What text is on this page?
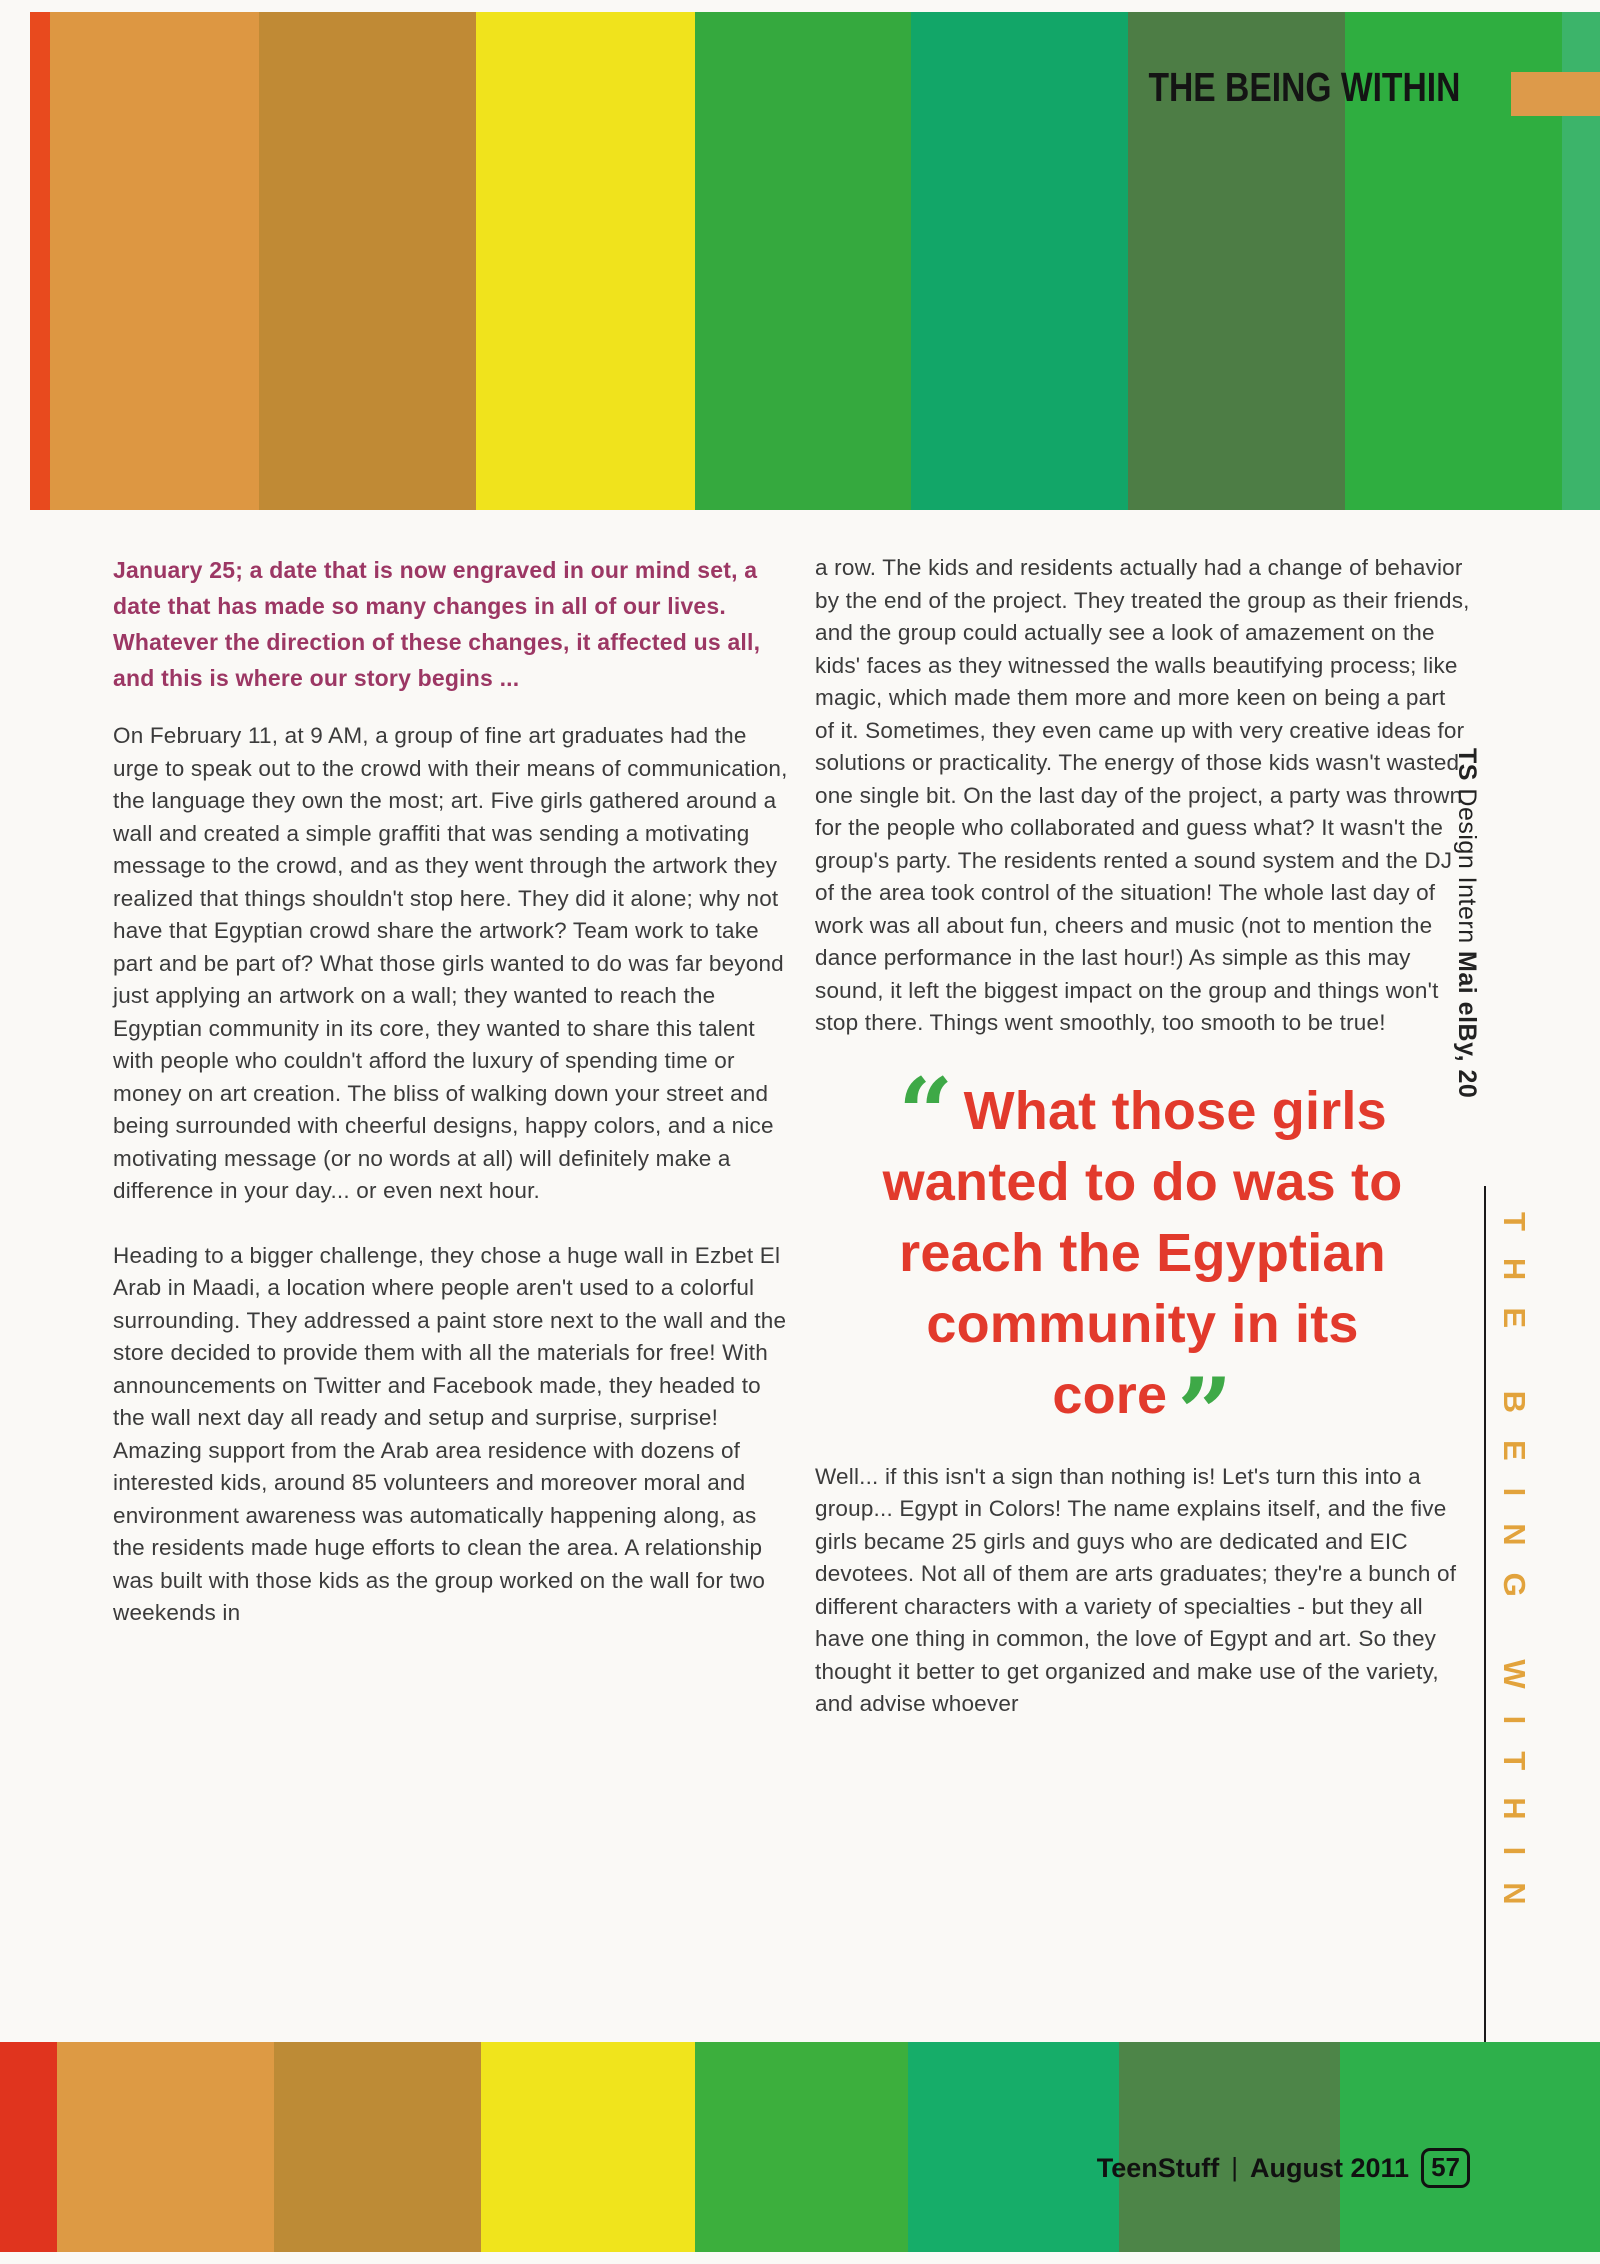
THE BEING WITHIN

January 25; a date that is now engraved in our mind set, a date that has made so many changes in all of our lives. Whatever the direction of these changes, it affected us all, and this is where our story begins ...

On February 11, at 9 AM, a group of fine art graduates had the urge to speak out to the crowd with their means of communication, the language they own the most; art. Five girls gathered around a wall and created a simple graffiti that was sending a motivating message to the crowd, and as they went through the artwork they realized that things shouldn't stop here. They did it alone; why not have that Egyptian crowd share the artwork? Team work to take part and be part of? What those girls wanted to do was far beyond just applying an artwork on a wall; they wanted to reach the Egyptian community in its core, they wanted to share this talent with people who couldn't afford the luxury of spending time or money on art creation. The bliss of walking down your street and being surrounded with cheerful designs, happy colors, and a nice motivating message (or no words at all) will definitely make a difference in your day... or even next hour.

Heading to a bigger challenge, they chose a huge wall in Ezbet El Arab in Maadi, a location where people aren't used to a colorful surrounding. They addressed a paint store next to the wall and the store decided to provide them with all the materials for free! With announcements on Twitter and Facebook made, they headed to the wall next day all ready and setup and surprise, surprise! Amazing support from the Arab area residence with dozens of interested kids, around 85 volunteers and moreover moral and environment awareness was automatically happening along, as the residents made huge efforts to clean the area. A relationship was built with those kids as the group worked on the wall for two weekends in

a row. The kids and residents actually had a change of behavior by the end of the project. They treated the group as their friends, and the group could actually see a look of amazement on the kids' faces as they witnessed the walls beautifying process; like magic, which made them more and more keen on being a part of it. Sometimes, they even came up with very creative ideas for solutions or practicality. The energy of those kids wasn't wasted one single bit. On the last day of the project, a party was thrown for the people who collaborated and guess what? It wasn't the group's party. The residents rented a sound system and the DJ of the area took control of the situation! The whole last day of work was all about fun, cheers and music (not to mention the dance performance in the last hour!) As simple as this may sound, it left the biggest impact on the group and things won't stop there. Things went smoothly, too smooth to be true!

“ What those girls
wanted to do was to
reach the Egyptian
community in its
core ”

Well... if this isn't a sign than nothing is! Let's turn this into a group... Egypt in Colors! The name explains itself, and the five girls became 25 girls and guys who are dedicated and EIC devotees. Not all of them are arts graduates; they're a bunch of different characters with a variety of specialties - but they all have one thing in common, the love of Egypt and art. So they thought it better to get organized and make use of the variety, and advise whoever

TS Design Intern Mai elBy, 20
THE BEING WITHIN
TeenStuff | August 2011 57
